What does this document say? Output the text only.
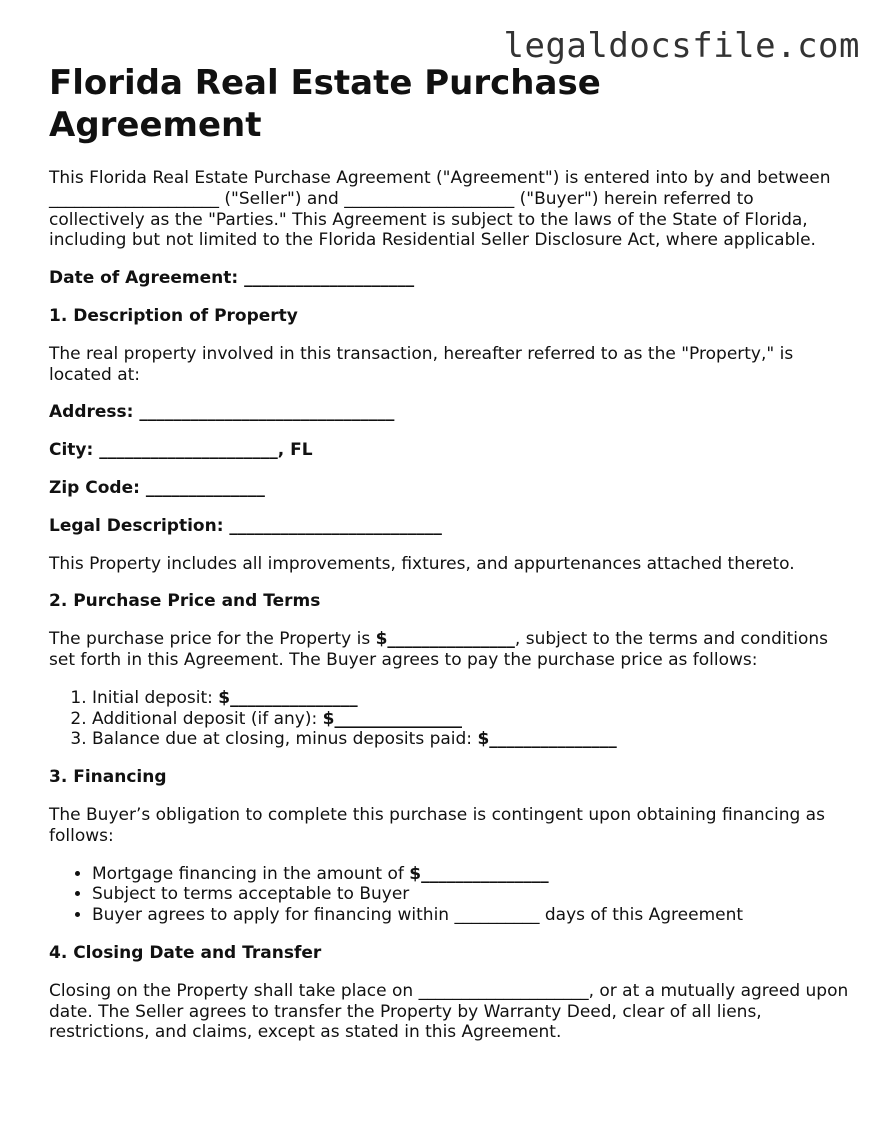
legaldocsfile.com
Florida Real Estate Purchase Agreement

This Florida Real Estate Purchase Agreement ("Agreement") is entered into by and between ____________________ ("Seller") and ____________________ ("Buyer") herein referred to collectively as the "Parties." This Agreement is subject to the laws of the State of Florida, including but not limited to the Florida Residential Seller Disclosure Act, where applicable.

Date of Agreement: ____________________
1. Description of Property

The real property involved in this transaction, hereafter referred to as the "Property," is located at:

Address: ______________________________
City: _____________________, FL
Zip Code: ______________
Legal Description: _________________________

This Property includes all improvements, fixtures, and appurtenances attached thereto.

2. Purchase Price and Terms

The purchase price for the Property is $_______________, subject to the terms and conditions set forth in this Agreement. The Buyer agrees to pay the purchase price as follows:

1. Initial deposit: $_______________
2. Additional deposit (if any): $_______________
3. Balance due at closing, minus deposits paid: $_______________
3. Financing

The Buyer’s obligation to complete this purchase is contingent upon obtaining financing as follows:

• Mortgage financing in the amount of $_______________
• Subject to terms acceptable to Buyer
• Buyer agrees to apply for financing within __________ days of this Agreement
4. Closing Date and Transfer

Closing on the Property shall take place on ____________________, or at a mutually agreed upon date. The Seller agrees to transfer the Property by Warranty Deed, clear of all liens, restrictions, and claims, except as stated in this Agreement.
